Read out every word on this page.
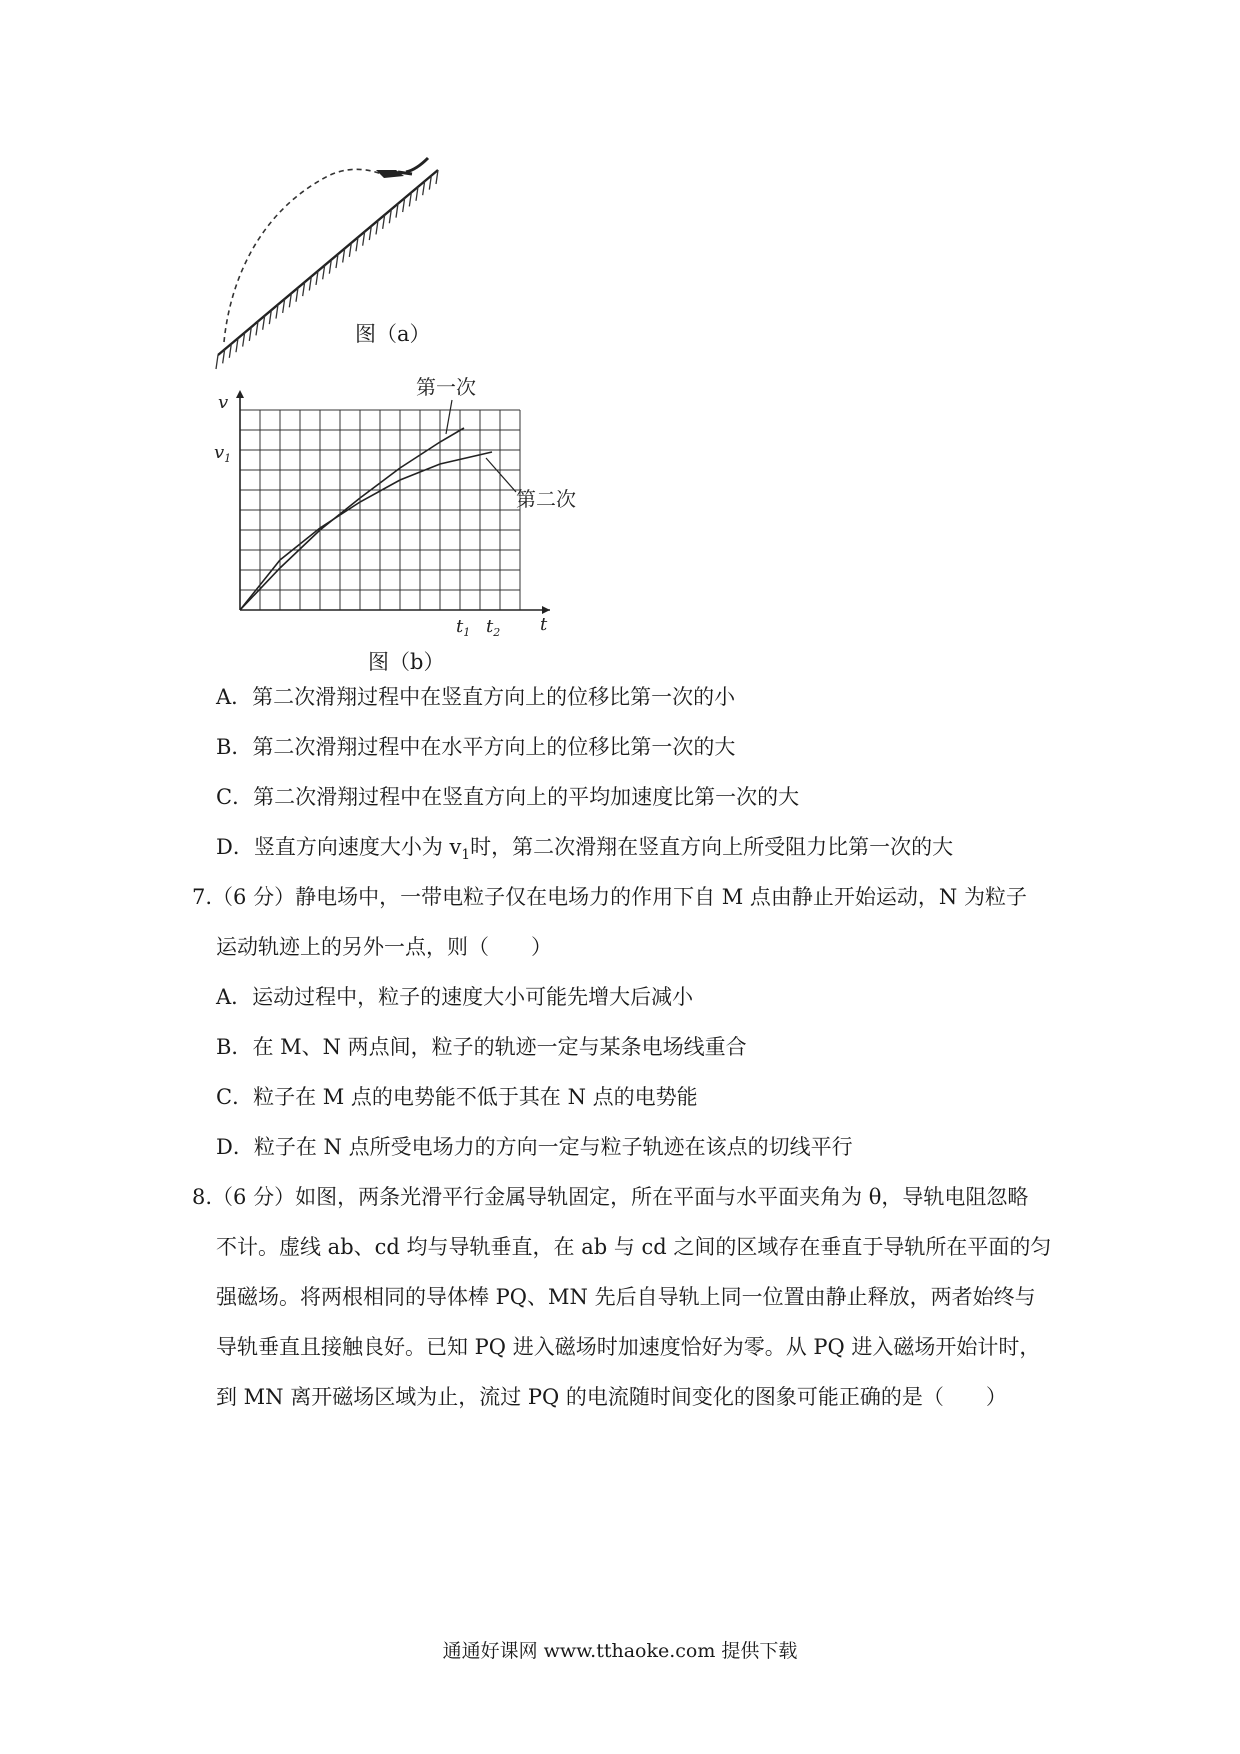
图（a）
v
$v_1$
t
$t_1$ $t_2$
第一次
第二次
图（b）
A．第二次滑翔过程中在竖直方向上的位移比第一次的小
B．第二次滑翔过程中在水平方向上的位移比第一次的大
C．第二次滑翔过程中在竖直方向上的平均加速度比第一次的大
D．竖直方向速度大小为 $v_1$时，第二次滑翔在竖直方向上所受阻力比第一次的大
7.（6 分）静电场中，一带电粒子仅在电场力的作用下自 M 点由静止开始运动，N 为粒子
运动轨迹上的另外一点，则（　　）
A．运动过程中，粒子的速度大小可能先增大后减小
B．在 M、N 两点间，粒子的轨迹一定与某条电场线重合
C．粒子在 M 点的电势能不低于其在 N 点的电势能
D．粒子在 N 点所受电场力的方向一定与粒子轨迹在该点的切线平行
8.（6 分）如图，两条光滑平行金属导轨固定，所在平面与水平面夹角为 θ，导轨电阻忽略
不计。虚线 ab、cd 均与导轨垂直，在 ab 与 cd 之间的区域存在垂直于导轨所在平面的匀
强磁场。将两根相同的导体棒 PQ、MN 先后自导轨上同一位置由静止释放，两者始终与
导轨垂直且接触良好。已知 PQ 进入磁场时加速度恰好为零。从 PQ 进入磁场开始计时，
到 MN 离开磁场区域为止，流过 PQ 的电流随时间变化的图象可能正确的是（　　）
通通好课网 www.tthaoke.com 提供下载
